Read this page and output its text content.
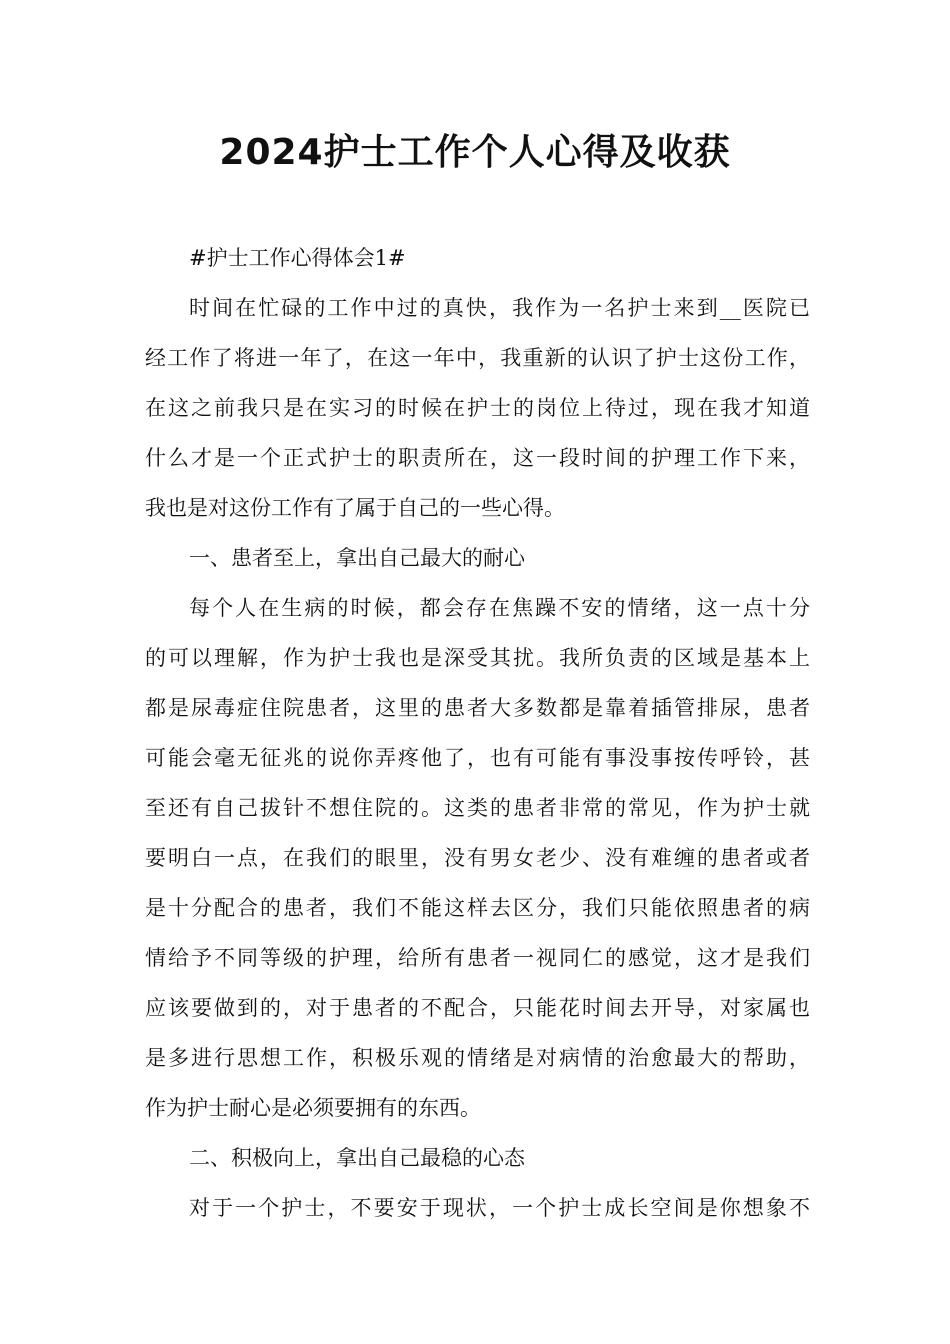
2024护士工作个人心得及收获
#护士工作心得体会1#
时间在忙碌的工作中过的真快，我作为一名护士来到__医院已
经工作了将进一年了，在这一年中，我重新的认识了护士这份工作，
在这之前我只是在实习的时候在护士的岗位上待过，现在我才知道
什么才是一个正式护士的职责所在，这一段时间的护理工作下来，
我也是对这份工作有了属于自己的一些心得。
一、患者至上，拿出自己最大的耐心
每个人在生病的时候，都会存在焦躁不安的情绪，这一点十分
的可以理解，作为护士我也是深受其扰。我所负责的区域是基本上
都是尿毒症住院患者，这里的患者大多数都是靠着插管排尿，患者
可能会毫无征兆的说你弄疼他了，也有可能有事没事按传呼铃，甚
至还有自己拔针不想住院的。这类的患者非常的常见，作为护士就
要明白一点，在我们的眼里，没有男女老少、没有难缠的患者或者
是十分配合的患者，我们不能这样去区分，我们只能依照患者的病
情给予不同等级的护理，给所有患者一视同仁的感觉，这才是我们
应该要做到的，对于患者的不配合，只能花时间去开导，对家属也
是多进行思想工作，积极乐观的情绪是对病情的治愈最大的帮助，
作为护士耐心是必须要拥有的东西。
二、积极向上，拿出自己最稳的心态
对于一个护士，不要安于现状，一个护士成长空间是你想象不
